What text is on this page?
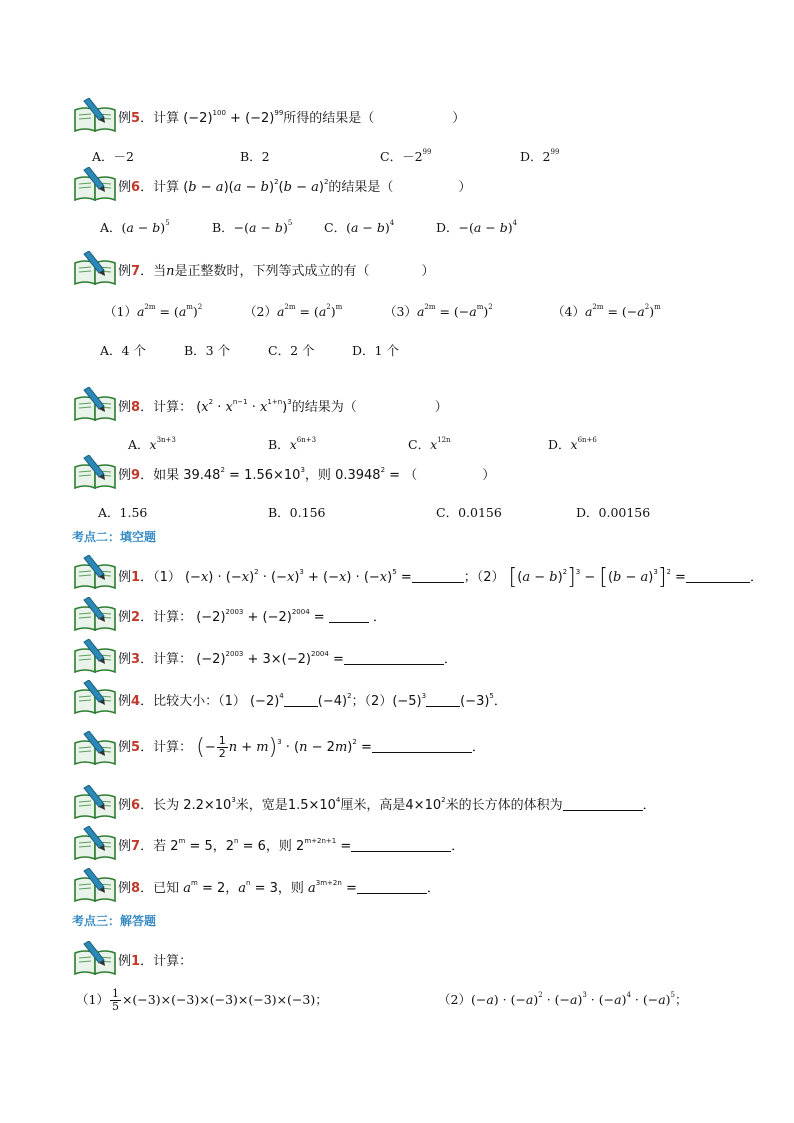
例5．计算 $(-2)^{100} + (-2)^{99}$所得的结果是（　　　　　　）
A．－2	B．2	C．$-2^{99}$	D．$2^{99}$
例6．计算 $(b - a)(a - b)^2(b - a)^2$的结果是（　　　　　）
A．$(a - b)^5$	B．$-(a - b)^5$	C．$(a - b)^4$	D．$-(a - b)^4$
例7．当n是正整数时，下列等式成立的有（　　　　）
$(1)a^{2m} = (a^m)^2$	$(2)a^{2m} = (a^2)^m$	$(3)a^{2m} = (-a^m)^2$	$(4)a^{2m} = (-a^2)^m$
A．4 个	B．3 个	C．2 个	D．1 个
例8．计算： $(x^2 \cdot x^{n-1} \cdot x^{1+n})^3$的结果为（　　　　　　）
A．$x^{3n+3}$	B．$x^{6n+3}$	C．$x^{12n}$	D．$x^{6n+6}$
例9．如果 $39.48^2 = 1.56\times 10^3$，则 $0.3948^2$ = （　　　　　）
A．1.56	B．0.156	C．0.0156	D．0.00156
考点二：填空题
例1．（1） $(-x) \cdot (-x)^2 \cdot (-x)^3 + (-x) \cdot (-x)^5$ =	；（2） $[(a - b)^2]^3 - [(b - a)^3]^2$ =	．
例2．计算： $(-2)^{2003} + (-2)^{2004}$ =	．
例3．计算： $(-2)^{2003} + 3\times(-2)^{2004}$ =	．
例4．比较大小：（1） $(-2)^4$	$(-4)^2$；$(2)(-5)^3$	$(-3)^5$．
例5．计算： (− $\frac{1}{2}$ $n + m)^3 \cdot (n - 2m)^2$ =	．
例6．长为 $2.2\times 10^3$米，宽是$1.5\times 10^4$厘米，高是$4\times 10^2$米的长方体的体积为	．
例7．若 $2^m = 5$，$2^n = 6$，则 $2^{m+2n+1}$ =	．
例8．已知 $a^m = 2$，$a^n = 3$，则 $a^{3m+2n}$ =	．
考点三：解答题
例1．计算：
$(1) \frac{1}{5} \times(-3)\times(-3)\times(-3)\times(-3)\times(-3)$；	$(2)(-a) \cdot (-a)^2 \cdot (-a)^3 \cdot (-a)^4 \cdot (-a)^5$；
